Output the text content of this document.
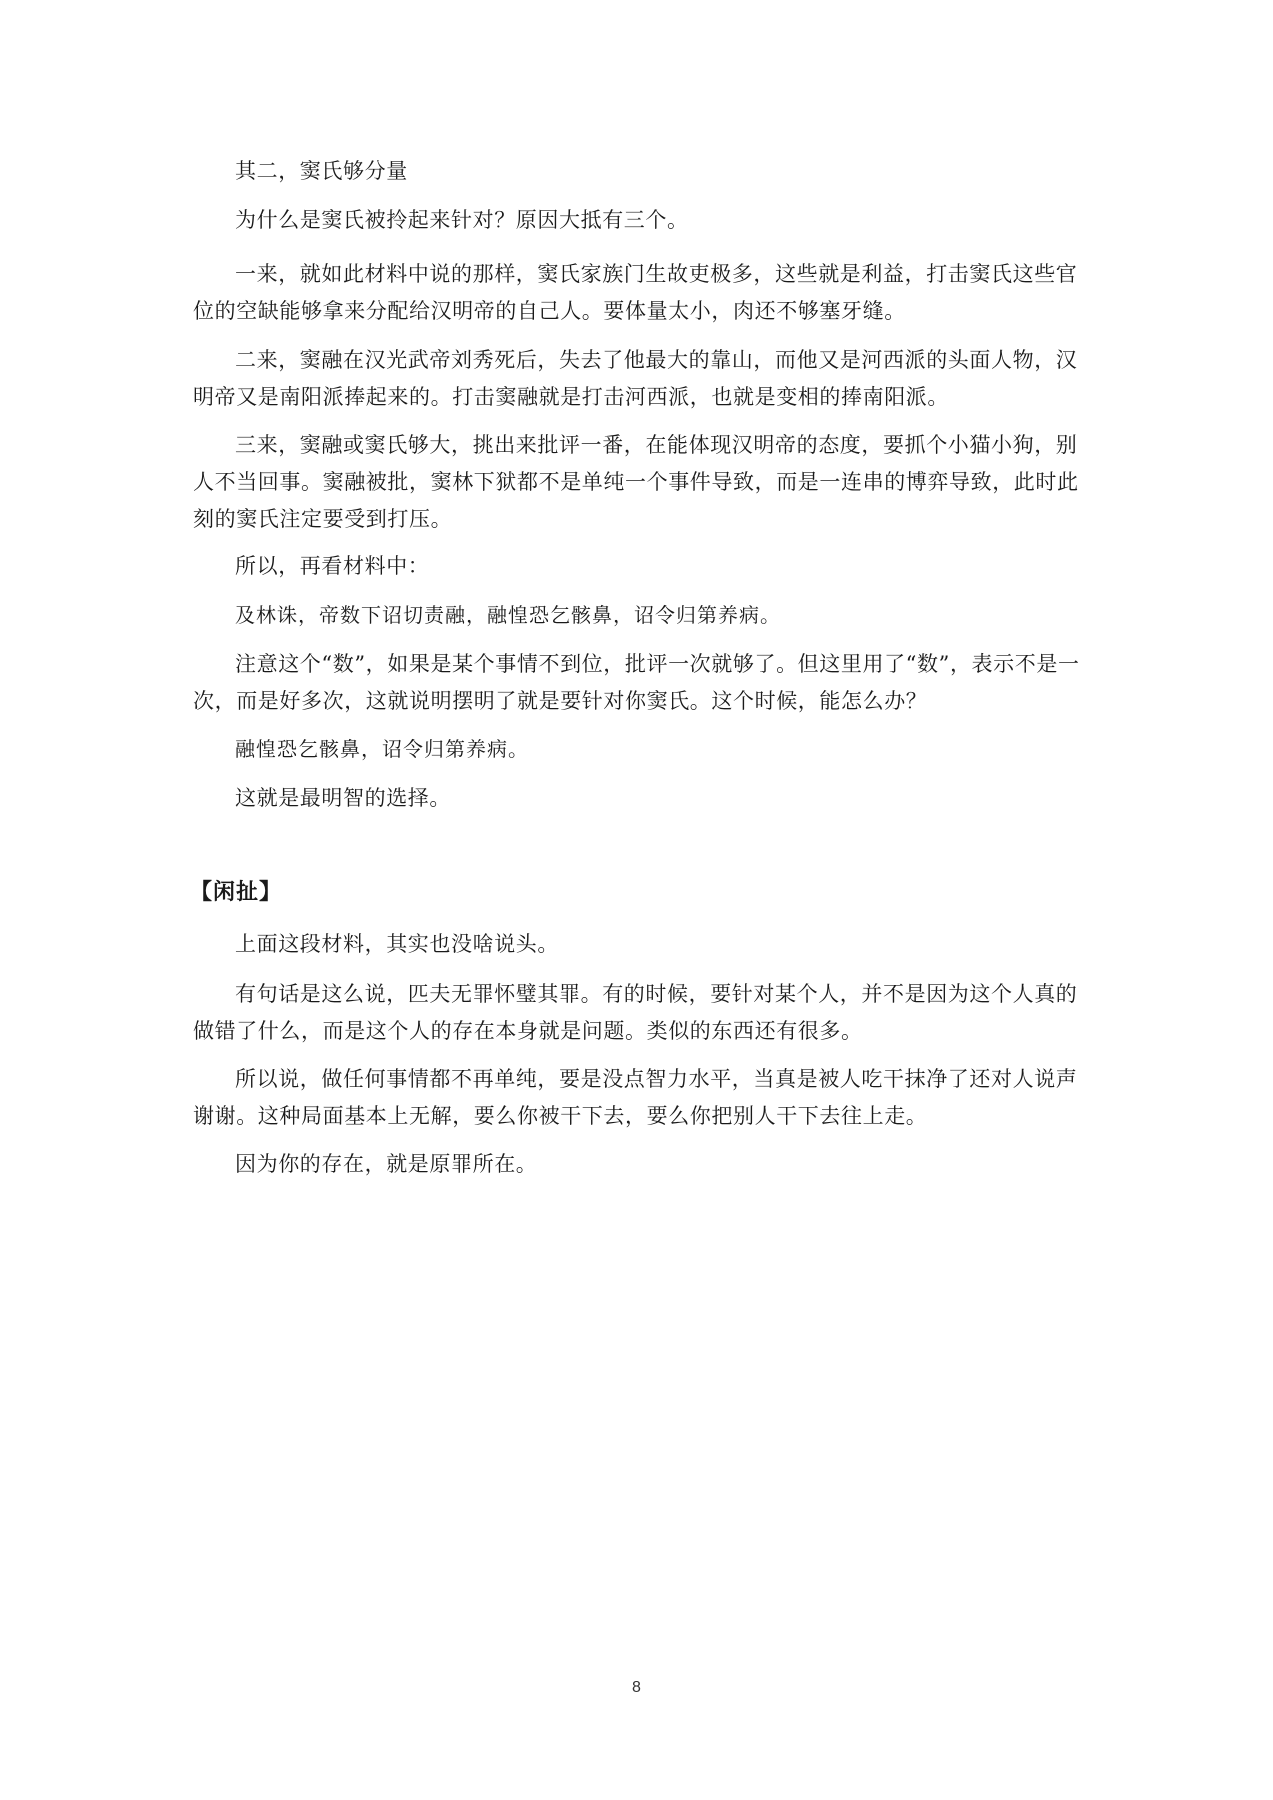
其二，窦氏够分量

为什么是窦氏被拎起来针对？原因大抵有三个。

一来，就如此材料中说的那样，窦氏家族门生故吏极多，这些就是利益，打击窦氏这些官位的空缺能够拿来分配给汉明帝的自己人。要体量太小，肉还不够塞牙缝。

二来，窦融在汉光武帝刘秀死后，失去了他最大的靠山，而他又是河西派的头面人物，汉明帝又是南阳派捧起来的。打击窦融就是打击河西派，也就是变相的捧南阳派。

三来，窦融或窦氏够大，挑出来批评一番，在能体现汉明帝的态度，要抓个小猫小狗，别人不当回事。窦融被批，窦林下狱都不是单纯一个事件导致，而是一连串的博弈导致，此时此刻的窦氏注定要受到打压。

所以，再看材料中：

及林诛，帝数下诏切责融，融惶恐乞骸鼻，诏令归第养病。

注意这个“数”，如果是某个事情不到位，批评一次就够了。但这里用了“数”，表示不是一次，而是好多次，这就说明摆明了就是要针对你窦氏。这个时候，能怎么办？

融惶恐乞骸鼻，诏令归第养病。

这就是最明智的选择。

【闲扯】

上面这段材料，其实也没啥说头。

有句话是这么说，匹夫无罪怀璧其罪。有的时候，要针对某个人，并不是因为这个人真的做错了什么，而是这个人的存在本身就是问题。类似的东西还有很多。

所以说，做任何事情都不再单纯，要是没点智力水平，当真是被人吃干抹净了还对人说声谢谢。这种局面基本上无解，要么你被干下去，要么你把别人干下去往上走。

因为你的存在，就是原罪所在。

8
